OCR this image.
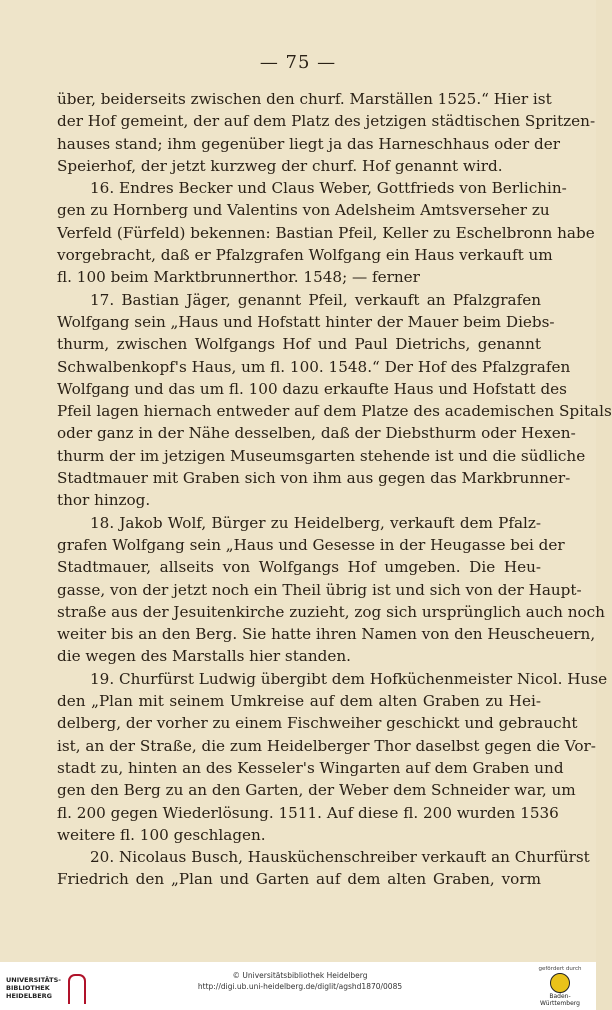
— 75 —
über, beiderseits zwischen den churf. Marställen 1525.“ Hier ist
der Hof gemeint, der auf dem Platz des jetzigen städtischen Spritzen-
hauses stand; ihm gegenüber liegt ja das Harneschhaus oder der
Speierhof, der jetzt kurzweg der churf. Hof genannt wird.
16. Endres Becker und Claus Weber, Gottfrieds von Berlichin-
gen zu Hornberg und Valentins von Adelsheim Amtsverseher zu
Verfeld (Fürfeld) bekennen: Bastian Pfeil, Keller zu Eschelbronn habe
vorgebracht, daß er Pfalzgrafen Wolfgang ein Haus verkauft um
fl. 100 beim Marktbrunnerthor. 1548; — ferner
17. Bastian Jäger, genannt Pfeil, verkauft an Pfalzgrafen
Wolfgang sein „Haus und Hofstatt hinter der Mauer beim Diebs-
thurm, zwischen Wolfgangs Hof und Paul Dietrichs, genannt
Schwalbenkopf's Haus, um fl. 100. 1548.“ Der Hof des Pfalzgrafen
Wolfgang und das um fl. 100 dazu erkaufte Haus und Hofstatt des
Pfeil lagen hiernach entweder auf dem Platze des academischen Spitals
oder ganz in der Nähe desselben, daß der Diebsthurm oder Hexen-
thurm der im jetzigen Museumsgarten stehende ist und die südliche
Stadtmauer mit Graben sich von ihm aus gegen das Markbrunner-
thor hinzog.
18. Jakob Wolf, Bürger zu Heidelberg, verkauft dem Pfalz-
grafen Wolfgang sein „Haus und Gesesse in der Heugasse bei der
Stadtmauer, allseits von Wolfgangs Hof umgeben. Die Heu-
gasse, von der jetzt noch ein Theil übrig ist und sich von der Haupt-
straße aus der Jesuitenkirche zuzieht, zog sich ursprünglich auch noch
weiter bis an den Berg. Sie hatte ihren Namen von den Heuscheuern,
die wegen des Marstalls hier standen.
19. Churfürst Ludwig übergibt dem Hofküchenmeister Nicol. Huse
den „Plan mit seinem Umkreise auf dem alten Graben zu Hei-
delberg, der vorher zu einem Fischweiher geschickt und gebraucht
ist, an der Straße, die zum Heidelberger Thor daselbst gegen die Vor-
stadt zu, hinten an des Kesseler's Wingarten auf dem Graben und
gen den Berg zu an den Garten, der Weber dem Schneider war, um
fl. 200 gegen Wiederlösung. 1511. Auf diese fl. 200 wurden 1536
weitere fl. 100 geschlagen.
20. Nicolaus Busch, Hausküchenschreiber verkauft an Churfürst
Friedrich den „Plan und Garten auf dem alten Graben, vorm
UNIVERSITÄTS-
BIBLIOTHEK
HEIDELBERG
© Universitätsbibliothek Heidelberg
http://digi.ub.uni-heidelberg.de/diglit/agshd1870/0085
gefördert durch
Baden-Württemberg
